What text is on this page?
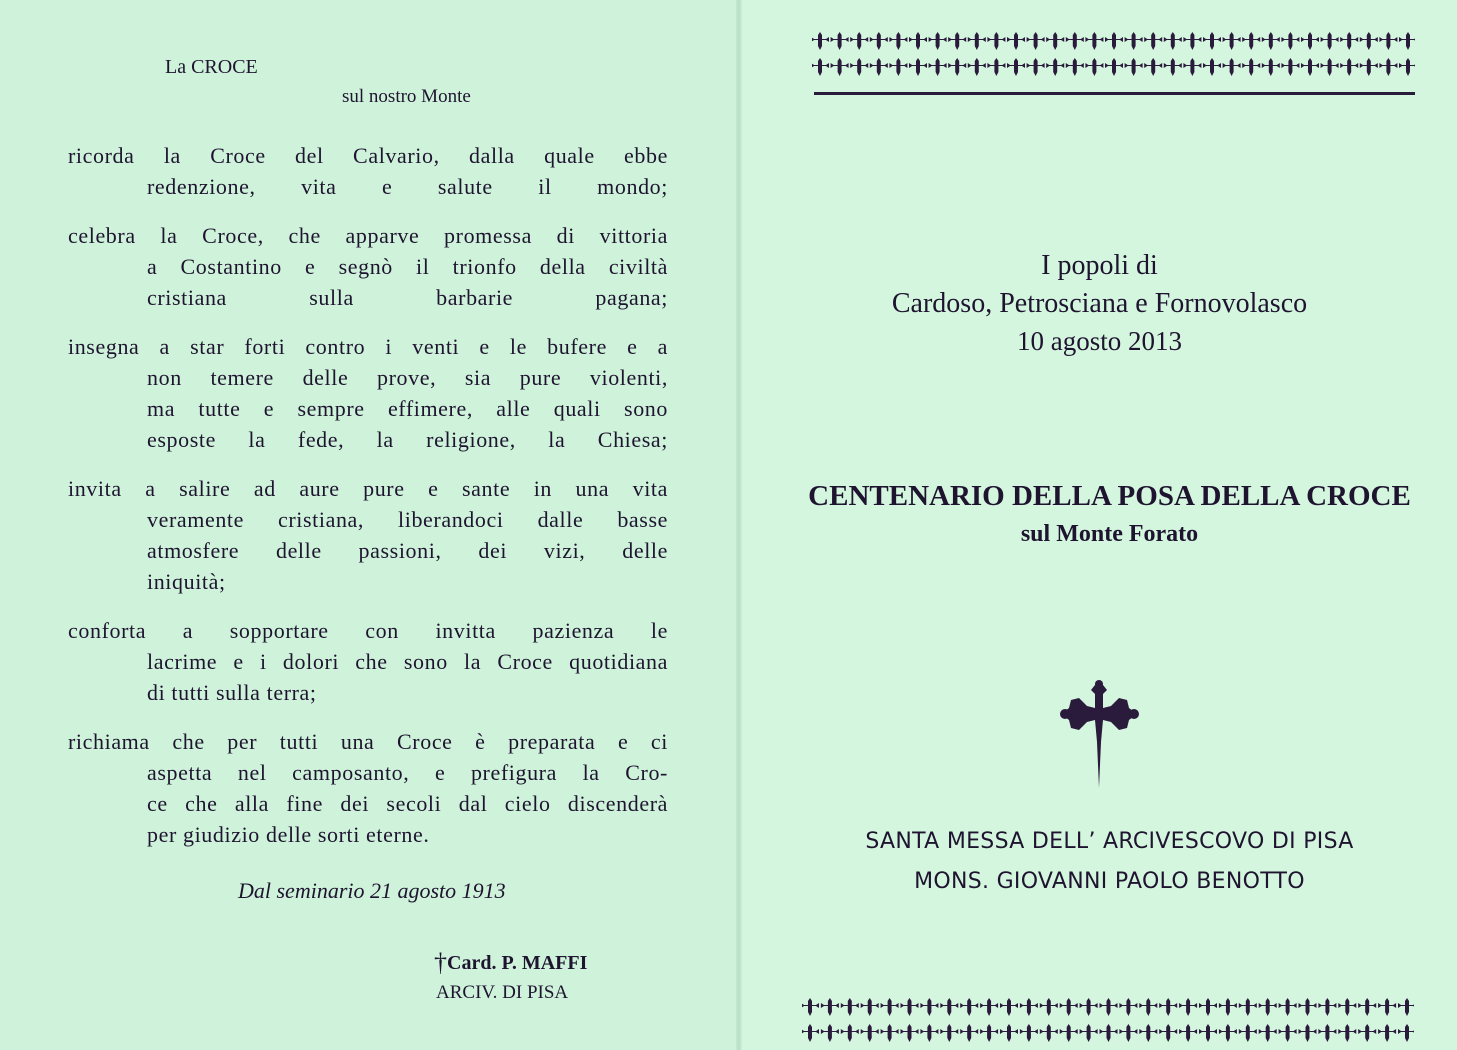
La CROCE
sul nostro Monte
ricorda la Croce del Calvario, dalla quale ebbe
redenzione, vita e salute il mondo;
celebra la Croce, che apparve promessa di vittoria
a Costantino e segnò il trionfo della civiltà
cristiana sulla barbarie pagana;
insegna a star forti contro i venti e le bufere e a
non temere delle prove, sia pure violenti,
ma tutte e sempre effimere, alle quali sono
esposte la fede, la religione, la Chiesa;
invita a salire ad aure pure e sante in una vita
veramente cristiana, liberandoci dalle basse
atmosfere delle passioni, dei vizi, delle
iniquità;
conforta a sopportare con invitta pazienza le
lacrime e i dolori che sono la Croce quotidiana
di tutti sulla terra;
richiama che per tutti una Croce è preparata e ci
aspetta nel camposanto, e prefigura la Cro-
ce che alla fine dei secoli dal cielo discenderà
per giudizio delle sorti eterne.
Dal seminario 21 agosto 1913
†Card. P. MAFFI
ARCIV. DI PISA
I popoli di
Cardoso, Petrosciana e Fornovolasco
10 agosto 2013
CENTENARIO DELLA POSA DELLA CROCE
sul Monte Forato
SANTA MESSA DELL’ ARCIVESCOVO DI PISA
MONS. GIOVANNI PAOLO BENOTTO
